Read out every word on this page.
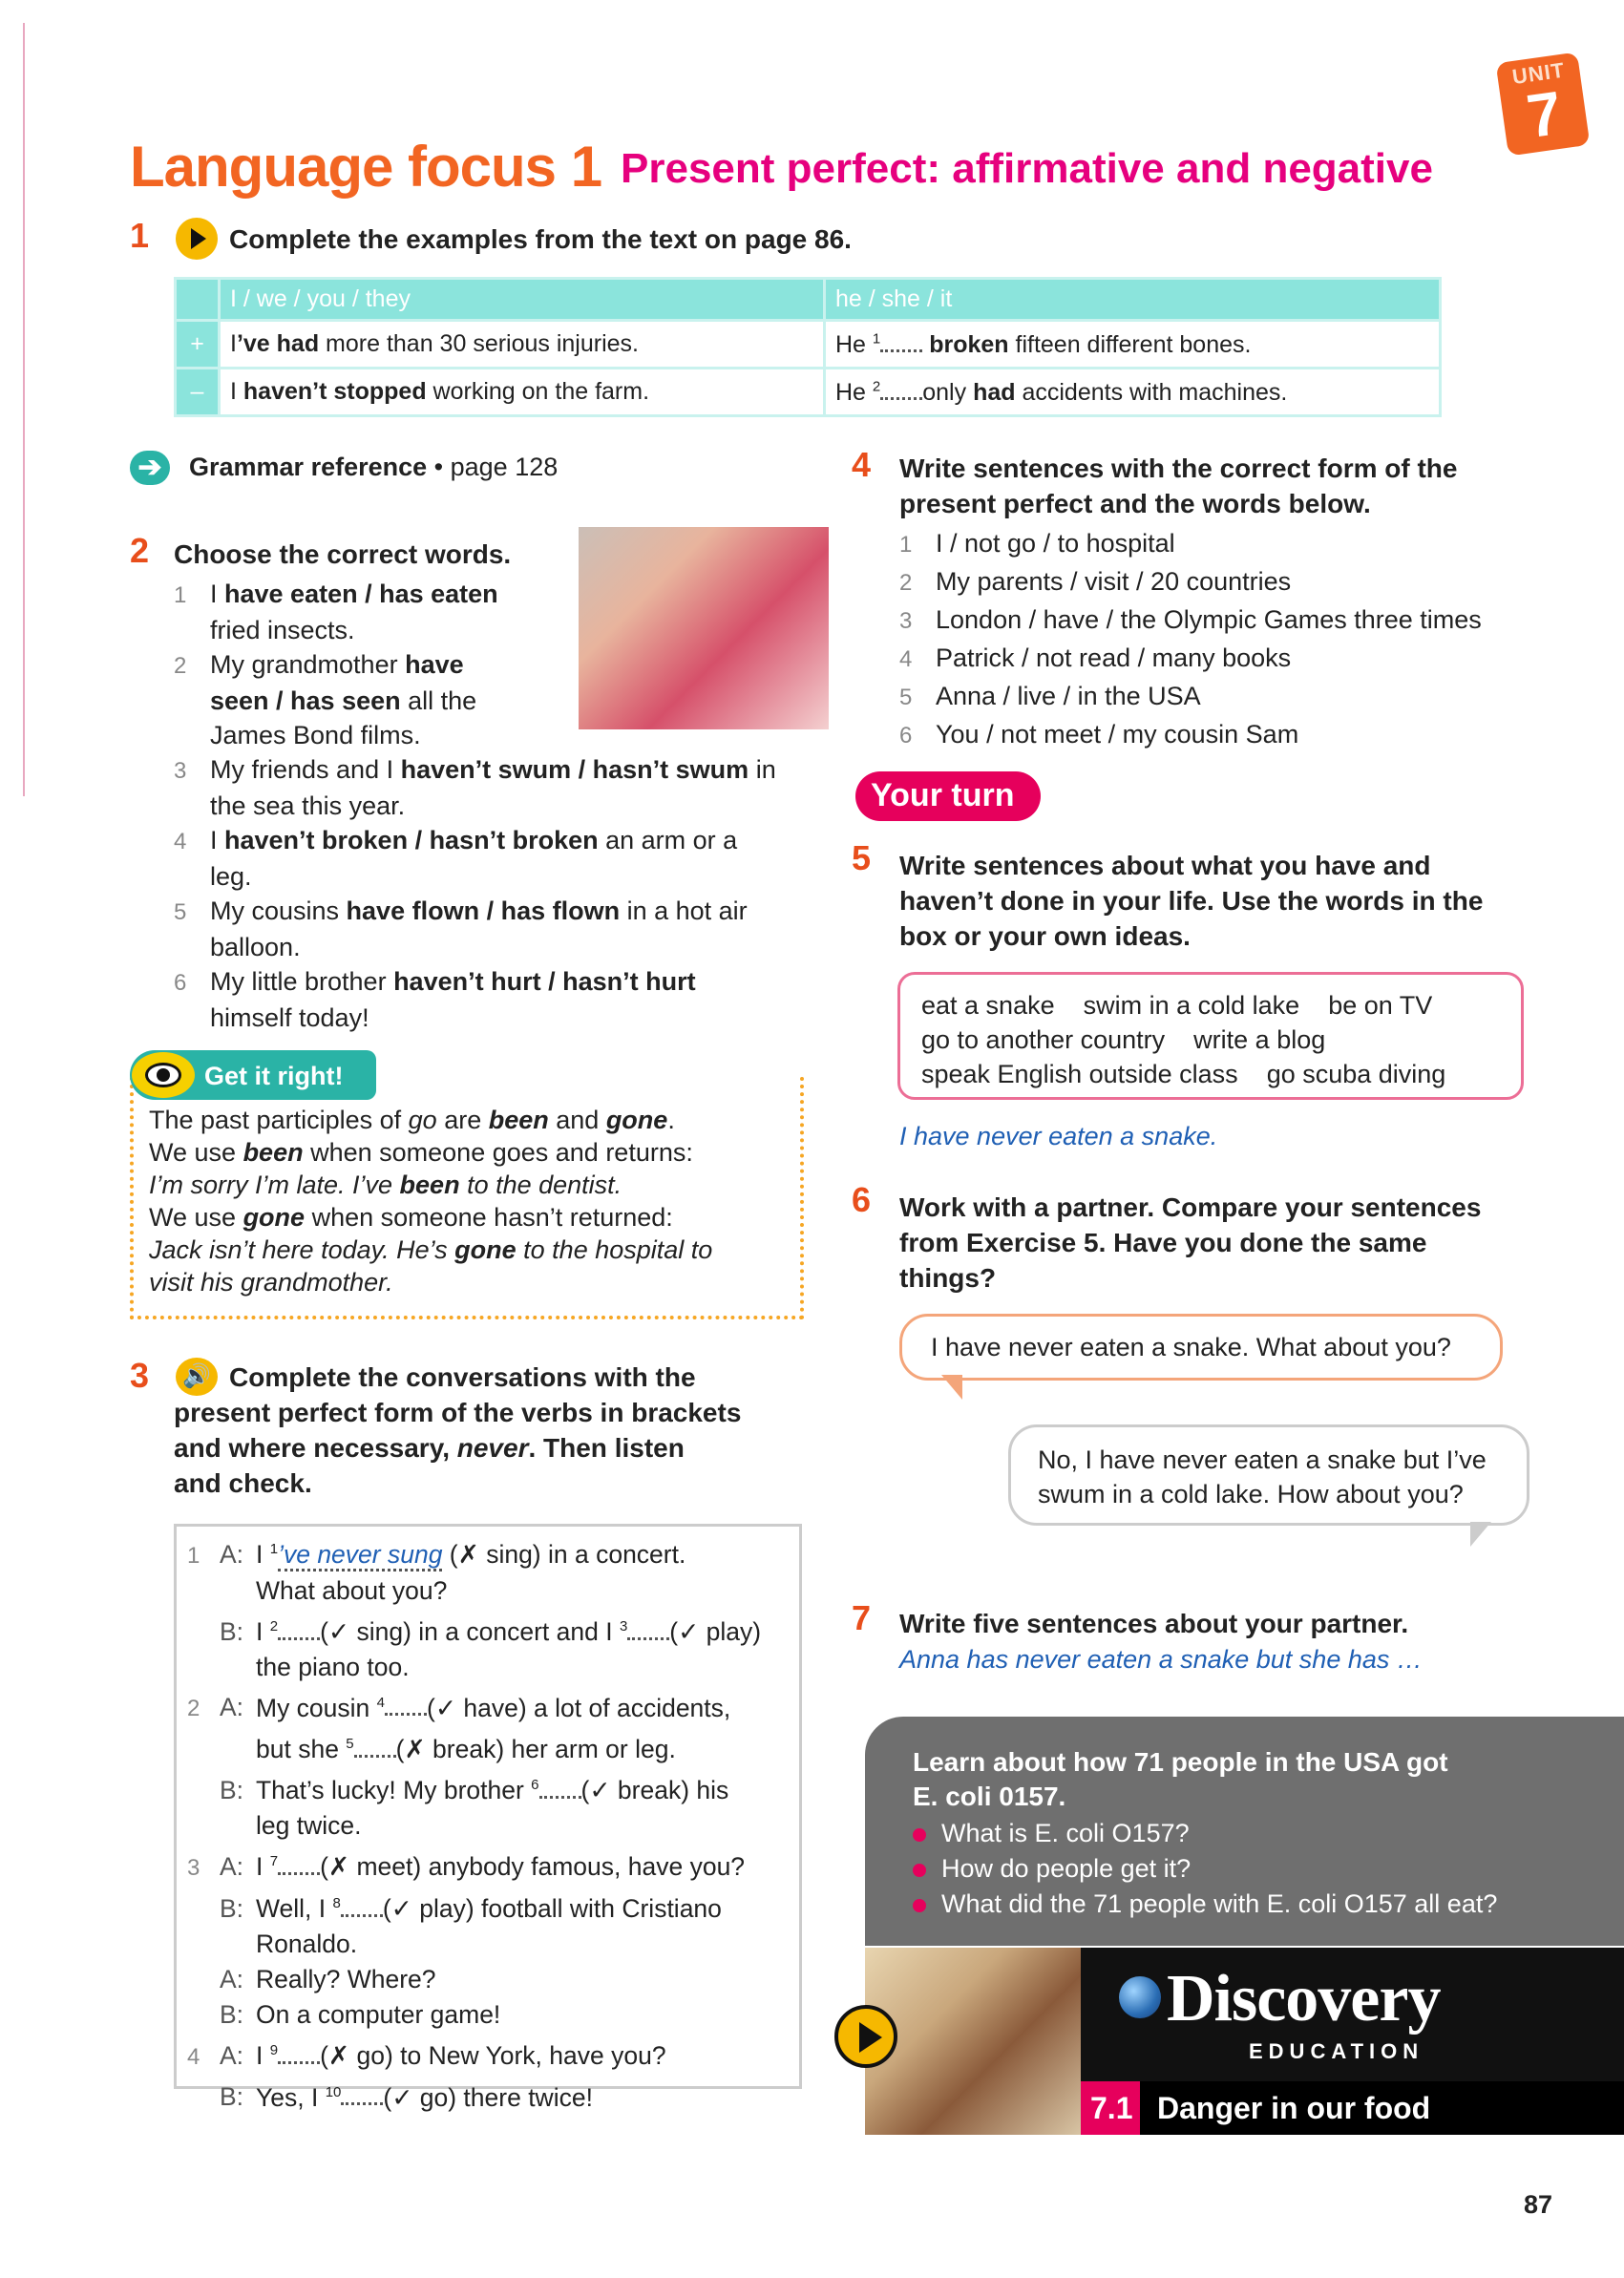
UNIT
7
Language focus 1 Present perfect: affirmative and negative
1	Complete the examples from the text on page 86.
	I / we / you / they	he / she / it
+	I’ve had more than 30 serious injuries.	He $^1$ broken fifteen different bones.
–	I haven’t stopped working on the farm.	He $^2$ only had accidents with machines.
➔	Grammar reference • page 128
2 Choose the correct words.
1 I have eaten / has eaten
fried insects.
2 My grandmother have
seen / has seen all the
James Bond films.
3 My friends and I haven’t swum / hasn’t swum in
the sea this year.
4 I haven’t broken / hasn’t broken an arm or a
leg.
5 My cousins have flown / has flown in a hot air
balloon.
6 My little brother haven’t hurt / hasn’t hurt
himself today!
Get it right!
The past participles of go are been and gone.
We use been when someone goes and returns:
I’m sorry I’m late. I’ve been to the dentist.
We use gone when someone hasn’t returned:
Jack isn’t here today. He’s gone to the hospital to
visit his grandmother.
3 🔊 Complete the conversations with the
present perfect form of the verbs in brackets
and where necessary, never. Then listen
and check.
1 A: I $^1$’ve never sung (✗ sing) in a concert.
What about you?
B: I $^2$ (✓ sing) in a concert and I $^3$ (✓ play)
the piano too.
2 A: My cousin $^4$ (✓ have) a lot of accidents,
but she $^5$ (✗ break) her arm or leg.
B: That’s lucky! My brother $^6$ (✓ break) his
leg twice.
3 A: I $^7$ (✗ meet) anybody famous, have you?
B: Well, I $^8$ (✓ play) football with Cristiano
Ronaldo.
A: Really? Where?
B: On a computer game!
4 A: I $^9$ (✗ go) to New York, have you?
B: Yes, I $^{10}$ (✓ go) there twice!
4 Write sentences with the correct form of the
present perfect and the words below.
1 I / not go / to hospital
2 My parents / visit / 20 countries
3 London / have / the Olympic Games three times
4 Patrick / not read / many books
5 Anna / live / in the USA
6 You / not meet / my cousin Sam
Your turn
5 Write sentences about what you have and
haven’t done in your life. Use the words in the
box or your own ideas.
eat a snake    swim in a cold lake    be on TV
go to another country    write a blog
speak English outside class    go scuba diving
I have never eaten a snake.
6 Work with a partner. Compare your sentences
from Exercise 5. Have you done the same
things?
I have never eaten a snake. What about you?
No, I have never eaten a snake but I’ve
swum in a cold lake. How about you?
7 Write five sentences about your partner.
Anna has never eaten a snake but she has …
Learn about how 71 people in the USA got
E. coli 0157.
What is E. coli O157?
How do people get it?
What did the 71 people with E. coli O157 all eat?
Discovery
EDUCATION
7.1 Danger in our food
87
